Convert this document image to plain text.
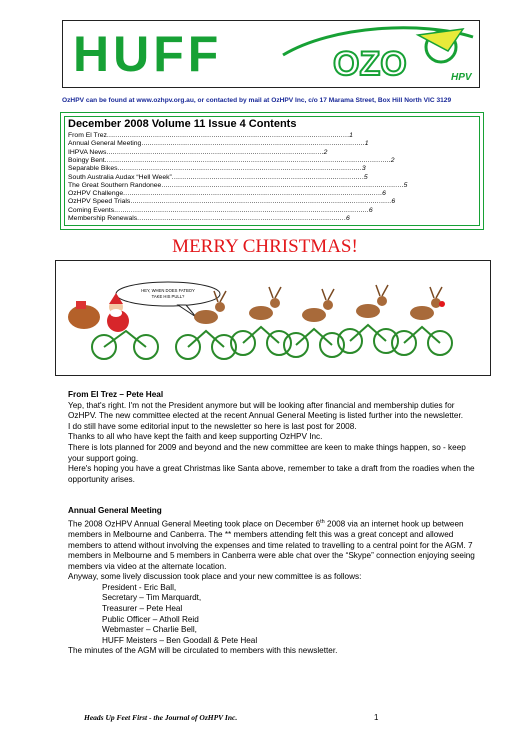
HUFF	OZO	HPV
OzHPV can be found at www.ozhpv.org.au, or contacted by mail at OzHPV Inc, c/o 17 Marama Street, Box Hill North VIC 3129
December 2008 Volume 11 Issue 4 Contents
From El Trez....................................................................................................................1
Annual General Meeting...........................................................................................................1
IHPVA News........................................................................................................2
Boingy Bent.........................................................................................................................................2
Separable Bikes.....................................................................................................................3
South Australia Audax “Hell Week”............................................................................................5
The Great Southern Randonee....................................................................................................................5
OzHPV Challenge............................................................................................................................6
OzHPV Speed Trials.............................................................................................................................6
Coming Events..........................................................................................................................6
Membership Renewals....................................................................................................6
MERRY CHRISTMAS!
HEY, WHEN DOES FATBOY
TAKE HIS PULL?

From El Trez – Pete Heal

Yep, that's right. I'm not the President anymore but will be looking after financial and membership duties for OzHPV. The new committee elected at the recent Annual General Meeting is listed further into the newsletter.

I do still have some editorial input to the newsletter so here is last post for 2008.

Thanks to all who have kept the faith and keep supporting OzHPV Inc.

There is lots planned for 2009 and beyond and the new committee are keen to make things happen, so - keep your support going.

Here's hoping you have a great Christmas like Santa above, remember to take a draft from the roadies when the opportunity arises.

Annual General Meeting

The 2008 OzHPV Annual General Meeting took place on December 6th 2008 via an internet hook up between members in Melbourne and Canberra. The ** members attending felt this was a great concept and allowed members to attend without involving the expenses and time related to travelling to a central point for the AGM. 7 members in Melbourne and 5 members in Canberra were able chat over the “Skype” connection enjoying seeing members via video at the alternate location.

Anyway, some lively discussion took place and your new committee is as follows:

President - Eric Ball,

Secretary – Tim Marquardt,

Treasurer – Pete Heal

Public Officer – Atholl Reid

Webmaster – Charlie Bell,

HUFF Meisters – Ben Goodall & Pete Heal

The minutes of the AGM will be circulated to members with this newsletter.

Heads Up Feet First - the Journal of OzHPV Inc.	1
